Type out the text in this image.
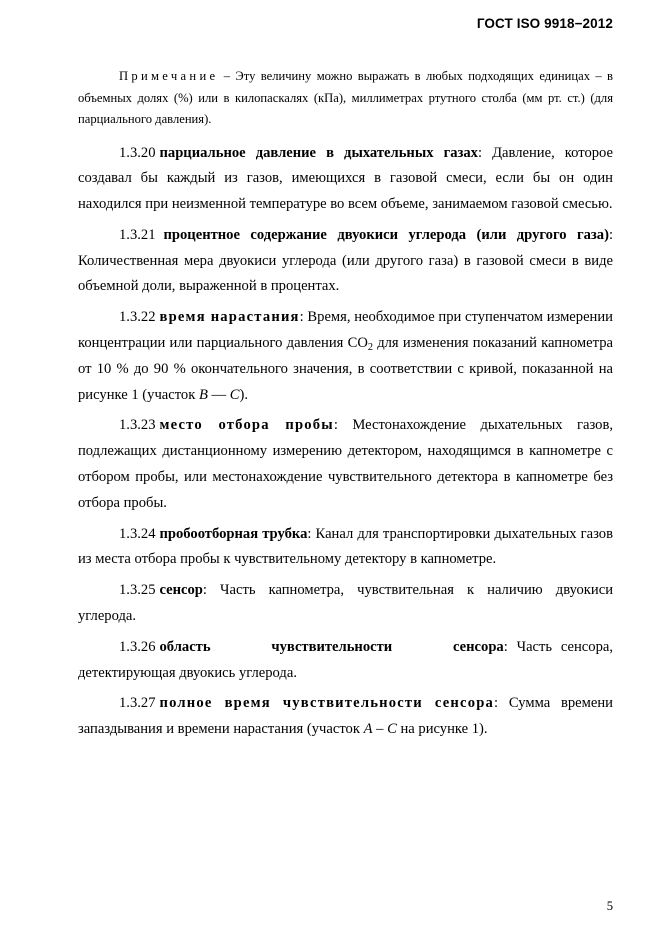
ГОСТ ISO 9918−2012

Примечание – Эту величину можно выражать в любых подходящих единицах – в объемных долях (%) или в килопаскалях (кПа), миллиметрах ртутного столба (мм рт. ст.) (для парциального давления).

1.3.20 парциальное давление в дыхательных газах: Давление, которое создавал бы каждый из газов, имеющихся в газовой смеси, если бы он один находился при неизменной температуре во всем объеме, занимаемом газовой смесью.

1.3.21 процентное содержание двуокиси углерода (или другого газа): Количественная мера двуокиси углерода (или другого газа) в газовой смеси в виде объемной доли, выраженной в процентах.

1.3.22 время нарастания: Время, необходимое при ступенчатом измерении концентрации или парциального давления $CO_2$ для изменения показаний капнометра от 10 % до 90 % окончательного значения, в соответствии с кривой, показанной на рисунке 1 (участок B — C).

1.3.23 место отбора пробы: Местонахождение дыхательных газов, подлежащих дистанционному измерению детектором, находящимся в капнометре с отбором пробы, или местонахождение чувствительного детектора в капнометре без отбора пробы.

1.3.24 пробоотборная трубка: Канал для транспортировки дыхательных газов из места отбора пробы к чувствительному детектору в капнометре.

1.3.25 сенсор: Часть капнометра, чувствительная к наличию двуокиси углерода.

1.3.26 область чувствительности сенсора: Часть сенсора, детектирующая двуокись углерода.

1.3.27 полное время чувствительности сенсора: Сумма времени запаздывания и времени нарастания (участок A – C на рисунке 1).

5
